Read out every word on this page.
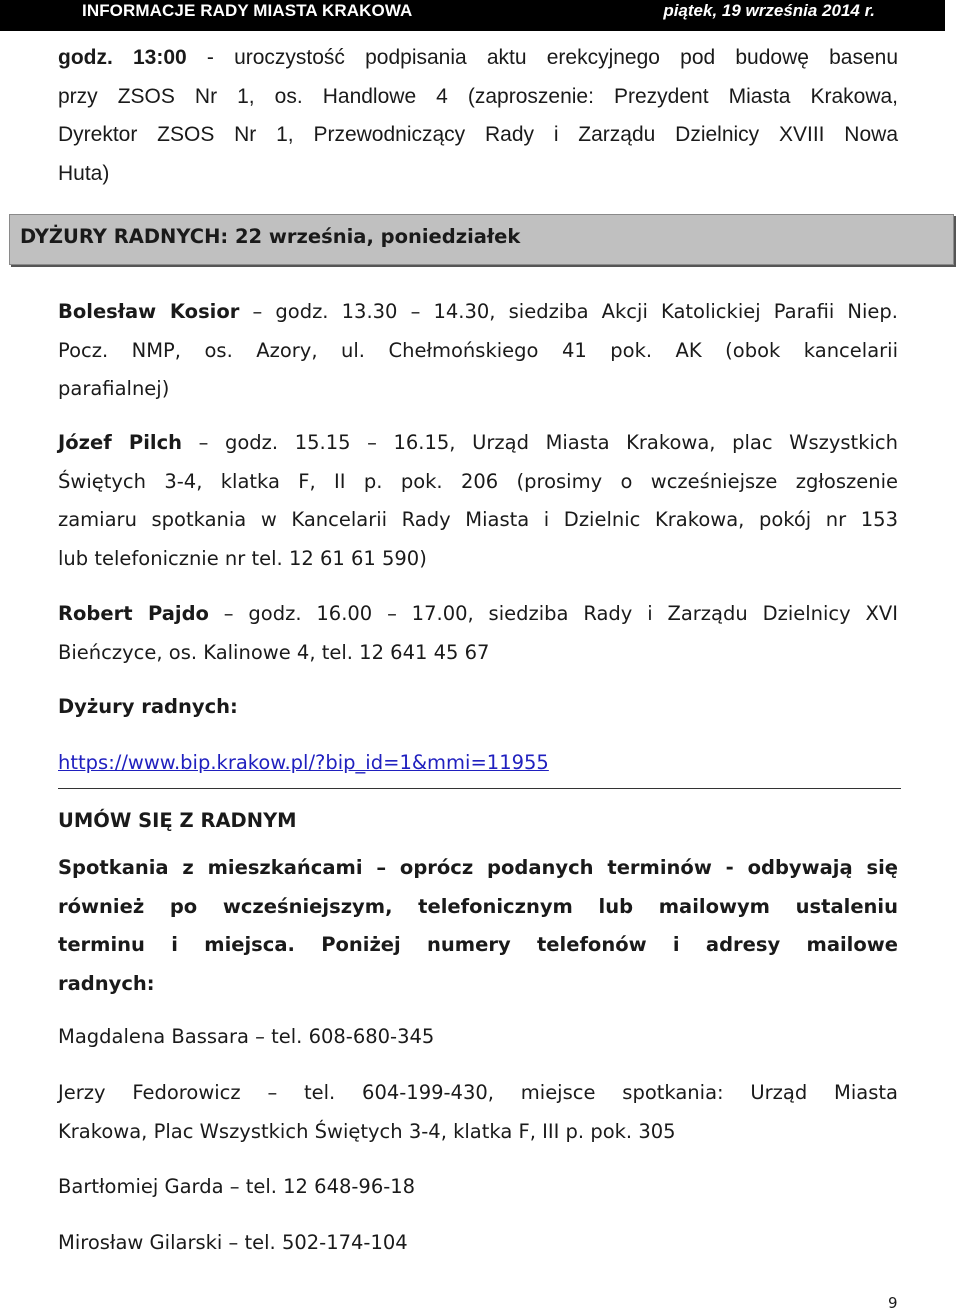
INFORMACJE RADY MIASTA KRAKOWA	piątek, 19 września 2014 r.
godz. 13:00 - uroczystość podpisania aktu erekcyjnego pod budowę basenu
przy ZSOS Nr 1, os. Handlowe 4 (zaproszenie: Prezydent Miasta Krakowa,
Dyrektor ZSOS Nr 1, Przewodniczący Rady i Zarządu Dzielnicy XVIII Nowa
Huta)
DYŻURY RADNYCH: 22 września, poniedziałek
Bolesław Kosior – godz. 13.30 – 14.30, siedziba Akcji Katolickiej Parafii Niep.
Pocz. NMP, os. Azory, ul. Chełmońskiego 41 pok. AK (obok kancelarii
parafialnej)
Józef Pilch – godz. 15.15 – 16.15, Urząd Miasta Krakowa, plac Wszystkich
Świętych 3-4, klatka F, II p. pok. 206 (prosimy o wcześniejsze zgłoszenie
zamiaru spotkania w Kancelarii Rady Miasta i Dzielnic Krakowa, pokój nr 153
lub telefonicznie nr tel. 12 61 61 590)
Robert Pajdo – godz. 16.00 – 17.00, siedziba Rady i Zarządu Dzielnicy XVI
Bieńczyce, os. Kalinowe 4, tel. 12 641 45 67
Dyżury radnych:
https://www.bip.krakow.pl/?bip_id=1&mmi=11955
UMÓW SIĘ Z RADNYM
Spotkania z mieszkańcami – oprócz podanych terminów - odbywają się
również po wcześniejszym, telefonicznym lub mailowym ustaleniu
terminu i miejsca. Poniżej numery telefonów i adresy mailowe
radnych:
Magdalena Bassara – tel. 608-680-345
Jerzy Fedorowicz – tel. 604-199-430, miejsce spotkania: Urząd Miasta
Krakowa, Plac Wszystkich Świętych 3-4, klatka F, III p. pok. 305
Bartłomiej Garda – tel. 12 648-96-18
Mirosław Gilarski – tel. 502-174-104
9
